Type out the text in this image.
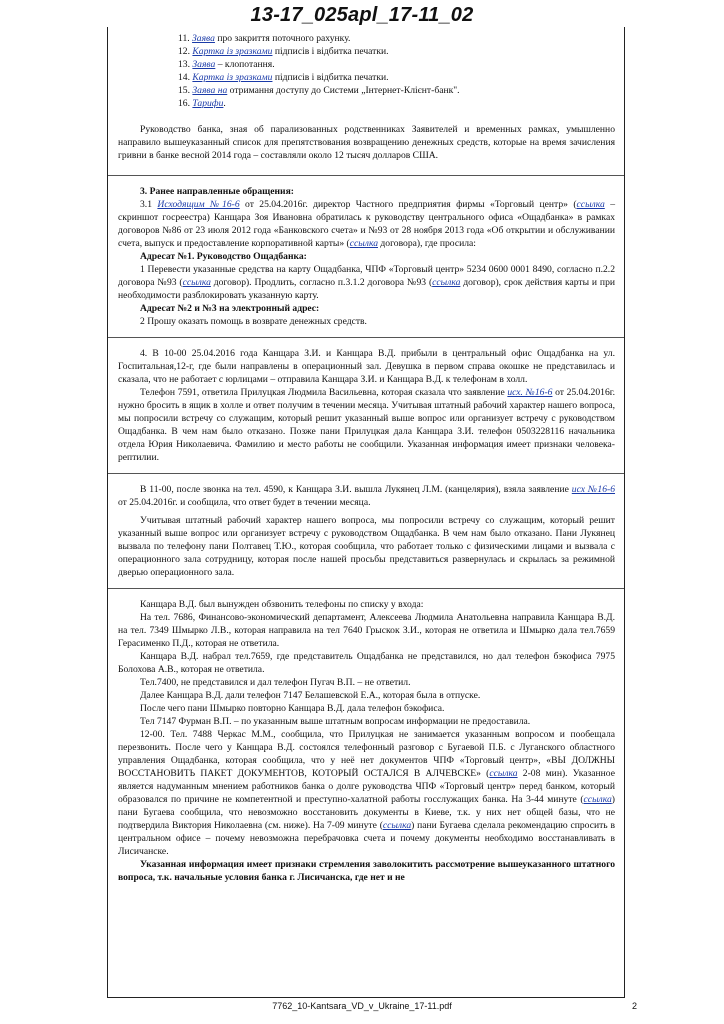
13-17_025apl_17-11_02

11. Заява про закриття поточного рахунку.

12. Картка із зразками підписів і відбитка печатки.

13. Заява – клопотання.

14. Картка із зразками підписів і відбитка печатки.

15. Заява на отримання доступу до Системи „Інтернет-Клієнт-банк".

16. Тарифи.

Руководство банка, зная об парализованных родственниках Заявителей и временных рамках, умышленно направило вышеуказанный список для препятствования возвращению денежных средств, которые на время зачисления гривни в банке весной 2014 года – составляли около 12 тысяч долларов США.

3. Ранее направленные обращения:

3.1 Исходящим №16-6 от 25.04.2016г. директор Частного предприятия фирмы «Торговый центр» (ссылка – скриншот госреестра) Канщара Зоя Ивановна обратилась к руководству центрального офиса «Ощадбанка» в рамках договоров №86 от 23 июля 2012 года «Банковского счета» и №93 от 28 ноября 2013 года «Об открытии и обслуживании счета, выпуск и предоставление корпоративной карты» (ссылка договора), где просила:

Адресат №1. Руководство Ощадбанка:

1 Перевести указанные средства на карту Ощадбанка, ЧПФ «Торговый центр» 5234 0600 0001 8490, согласно п.2.2 договора №93 (ссылка договор). Продлить, согласно п.3.1.2 договора №93 (ссылка договор), срок действия карты и при необходимости разблокировать указанную карту.

Адресат №2 и №3 на электронный адрес:

2 Прошу оказать помощь в возврате денежных средств.

4. В 10-00 25.04.2016 года Канщара З.И. и Канщара В.Д. прибыли в центральный офис Ощадбанка на ул. Госпитальная,12-г, где были направлены в операционный зал. Девушка в первом справа окошке не представилась и сказала, что не работает с юрлицами – отправила Канщара З.И. и Канщара В.Д. к телефонам в холл.

Телефон 7591, ответила Прилуцкая Людмила Васильевна, которая сказала что заявление исх. №16-6 от 25.04.2016г. нужно бросить в ящик в холле и ответ получим в течении месяца. Учитывая штатный рабочий характер нашего вопроса, мы попросили встречу со служащим, который решит указанный выше вопрос или организует встречу с руководством Ощадбанка. В чем нам было отказано. Позже пани Прилуцкая дала Канщара З.И. телефон 0503228116 начальника отдела Юрия Николаевича. Фамилию и место работы не сообщили. Указанная информация имеет признаки человека-рептилии.

В 11-00, после звонка на тел. 4590, к Канщара З.И. вышла Лукянец Л.М. (канцелярия), взяла заявление исх №16-6 от 25.04.2016г. и сообщила, что ответ будет в течении месяца.

Учитывая штатный рабочий характер нашего вопроса, мы попросили встречу со служащим, который решит указанный выше вопрос или организует встречу с руководством Ощадбанка. В чем нам было отказано. Пани Лукянец вызвала по телефону пани Полтавец Т.Ю., которая сообщила, что работает только с физическими лицами и вызвала с операционного зала сотрудницу, которая после нашей просьбы представиться развернулась и скрылась за режимной дверью операционного зала.

Канщара В.Д. был вынужден обзвонить телефоны по списку у входа:

На тел. 7686, Финансово-экономический департамент, Алексеева Людмила Анатольевна направила Канщара В.Д. на тел. 7349 Шмырко Л.В., которая направила на тел 7640 Грыскок З.И., которая не ответила и Шмырко дала тел.7659 Герасименко П.Д., которая не ответила.

Канщара В.Д. набрал тел.7659, где представитель Ощадбанка не представился, но дал телефон бэкофиса 7975 Болохова А.В., которая не ответила.

Тел.7400, не представился и дал телефон Пугач В.П. – не ответил.

Далее Канщара В.Д. дали телефон 7147 Белашевской Е.А., которая была в отпуске.

После чего пани Шмырко повторно Канщара В.Д. дала телефон бэкофиса.

Тел 7147 Фурман В.П. – по указанным выше штатным вопросам информации не предоставила.

12-00. Тел. 7488 Черкас М.М., сообщила, что Прилуцкая не занимается указанным вопросом и пообещала перезвонить. После чего у Канщара В.Д. состоялся телефонный разговор с Бугаевой П.Б. с Луганского областного управления Ощадбанка, которая сообщила, что у неё нет документов ЧПФ «Торговый центр», «ВЫ ДОЛЖНЫ ВОССТАНОВИТЬ ПАКЕТ ДОКУМЕНТОВ, КОТОРЫЙ ОСТАЛСЯ В АЛЧЕВСКЕ» (ссылка 2-08 мин). Указанное является надуманным мнением работников банка о долге руководства ЧПФ «Торговый центр» перед банком, который образовался по причине не компетентной и преступно-халатной работы госслужащих банка. На 3-44 минуте (ссылка) пани Бугаева сообщила, что невозможно восстановить документы в Киеве, т.к. у них нет общей базы, что не подтвердила Виктория Николаевна (см. ниже). На 7-09 минуте (ссылка) пани Бугаева сделала рекомендацию спросить в центральном офисе – почему невозможна перебрачовка счета и почему документы необходимо восстанавливать в Лисичанске.

Указанная информация имеет признаки стремления заволокитить рассмотрение вышеуказанного штатного вопроса, т.к. начальные условия банка г. Лисичанска, где нет и не

7762_10-Kantsara_VD_v_Ukraine_17-11.pdf	2
